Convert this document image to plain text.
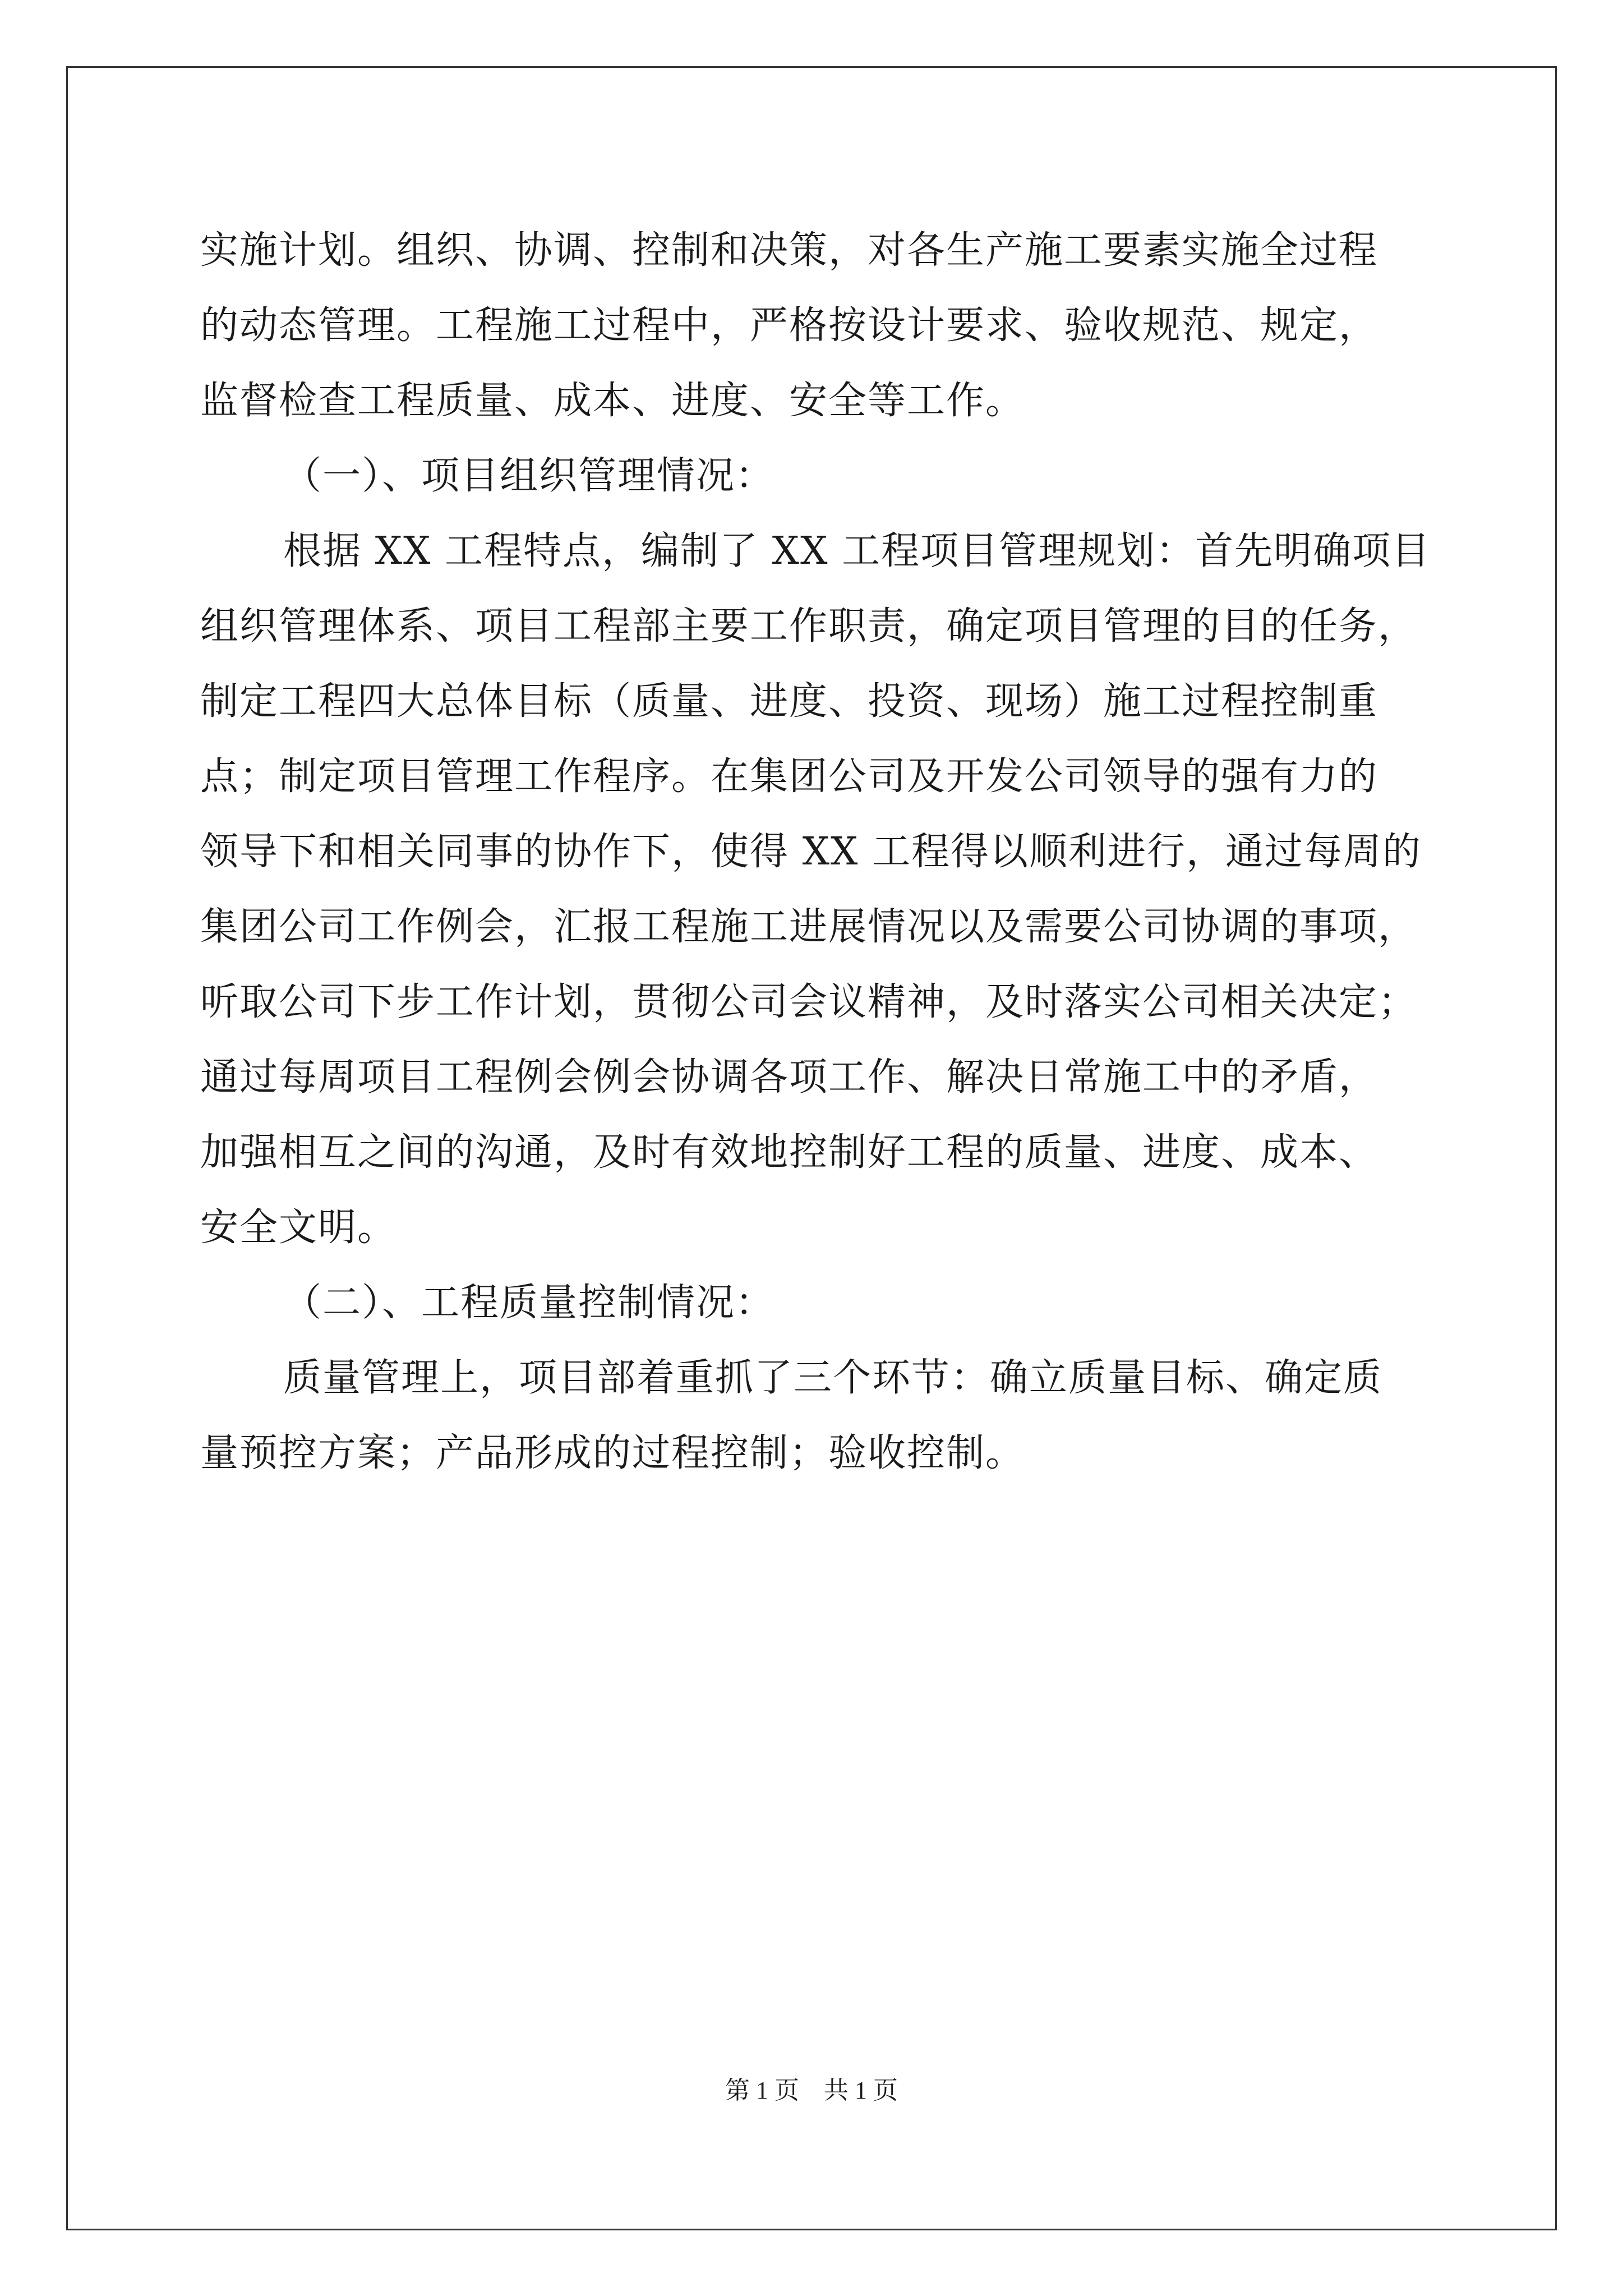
实施计划。组织、协调、控制和决策，对各生产施工要素实施全过程
的动态管理。工程施工过程中，严格按设计要求、验收规范、规定，
监督检查工程质量、成本、进度、安全等工作。
（一）、项目组织管理情况：
根据 XX 工程特点，编制了 XX 工程项目管理规划：首先明确项目
组织管理体系、项目工程部主要工作职责，确定项目管理的目的任务，
制定工程四大总体目标（质量、进度、投资、现场）施工过程控制重
点；制定项目管理工作程序。在集团公司及开发公司领导的强有力的
领导下和相关同事的协作下，使得 XX 工程得以顺利进行，通过每周的
集团公司工作例会，汇报工程施工进展情况以及需要公司协调的事项，
听取公司下步工作计划，贯彻公司会议精神，及时落实公司相关决定；
通过每周项目工程例会例会协调各项工作、解决日常施工中的矛盾，
加强相互之间的沟通，及时有效地控制好工程的质量、进度、成本、
安全文明。
（二）、工程质量控制情况：
质量管理上，项目部着重抓了三个环节：确立质量目标、确定质
量预控方案；产品形成的过程控制；验收控制。
第 1 页　共 1 页
